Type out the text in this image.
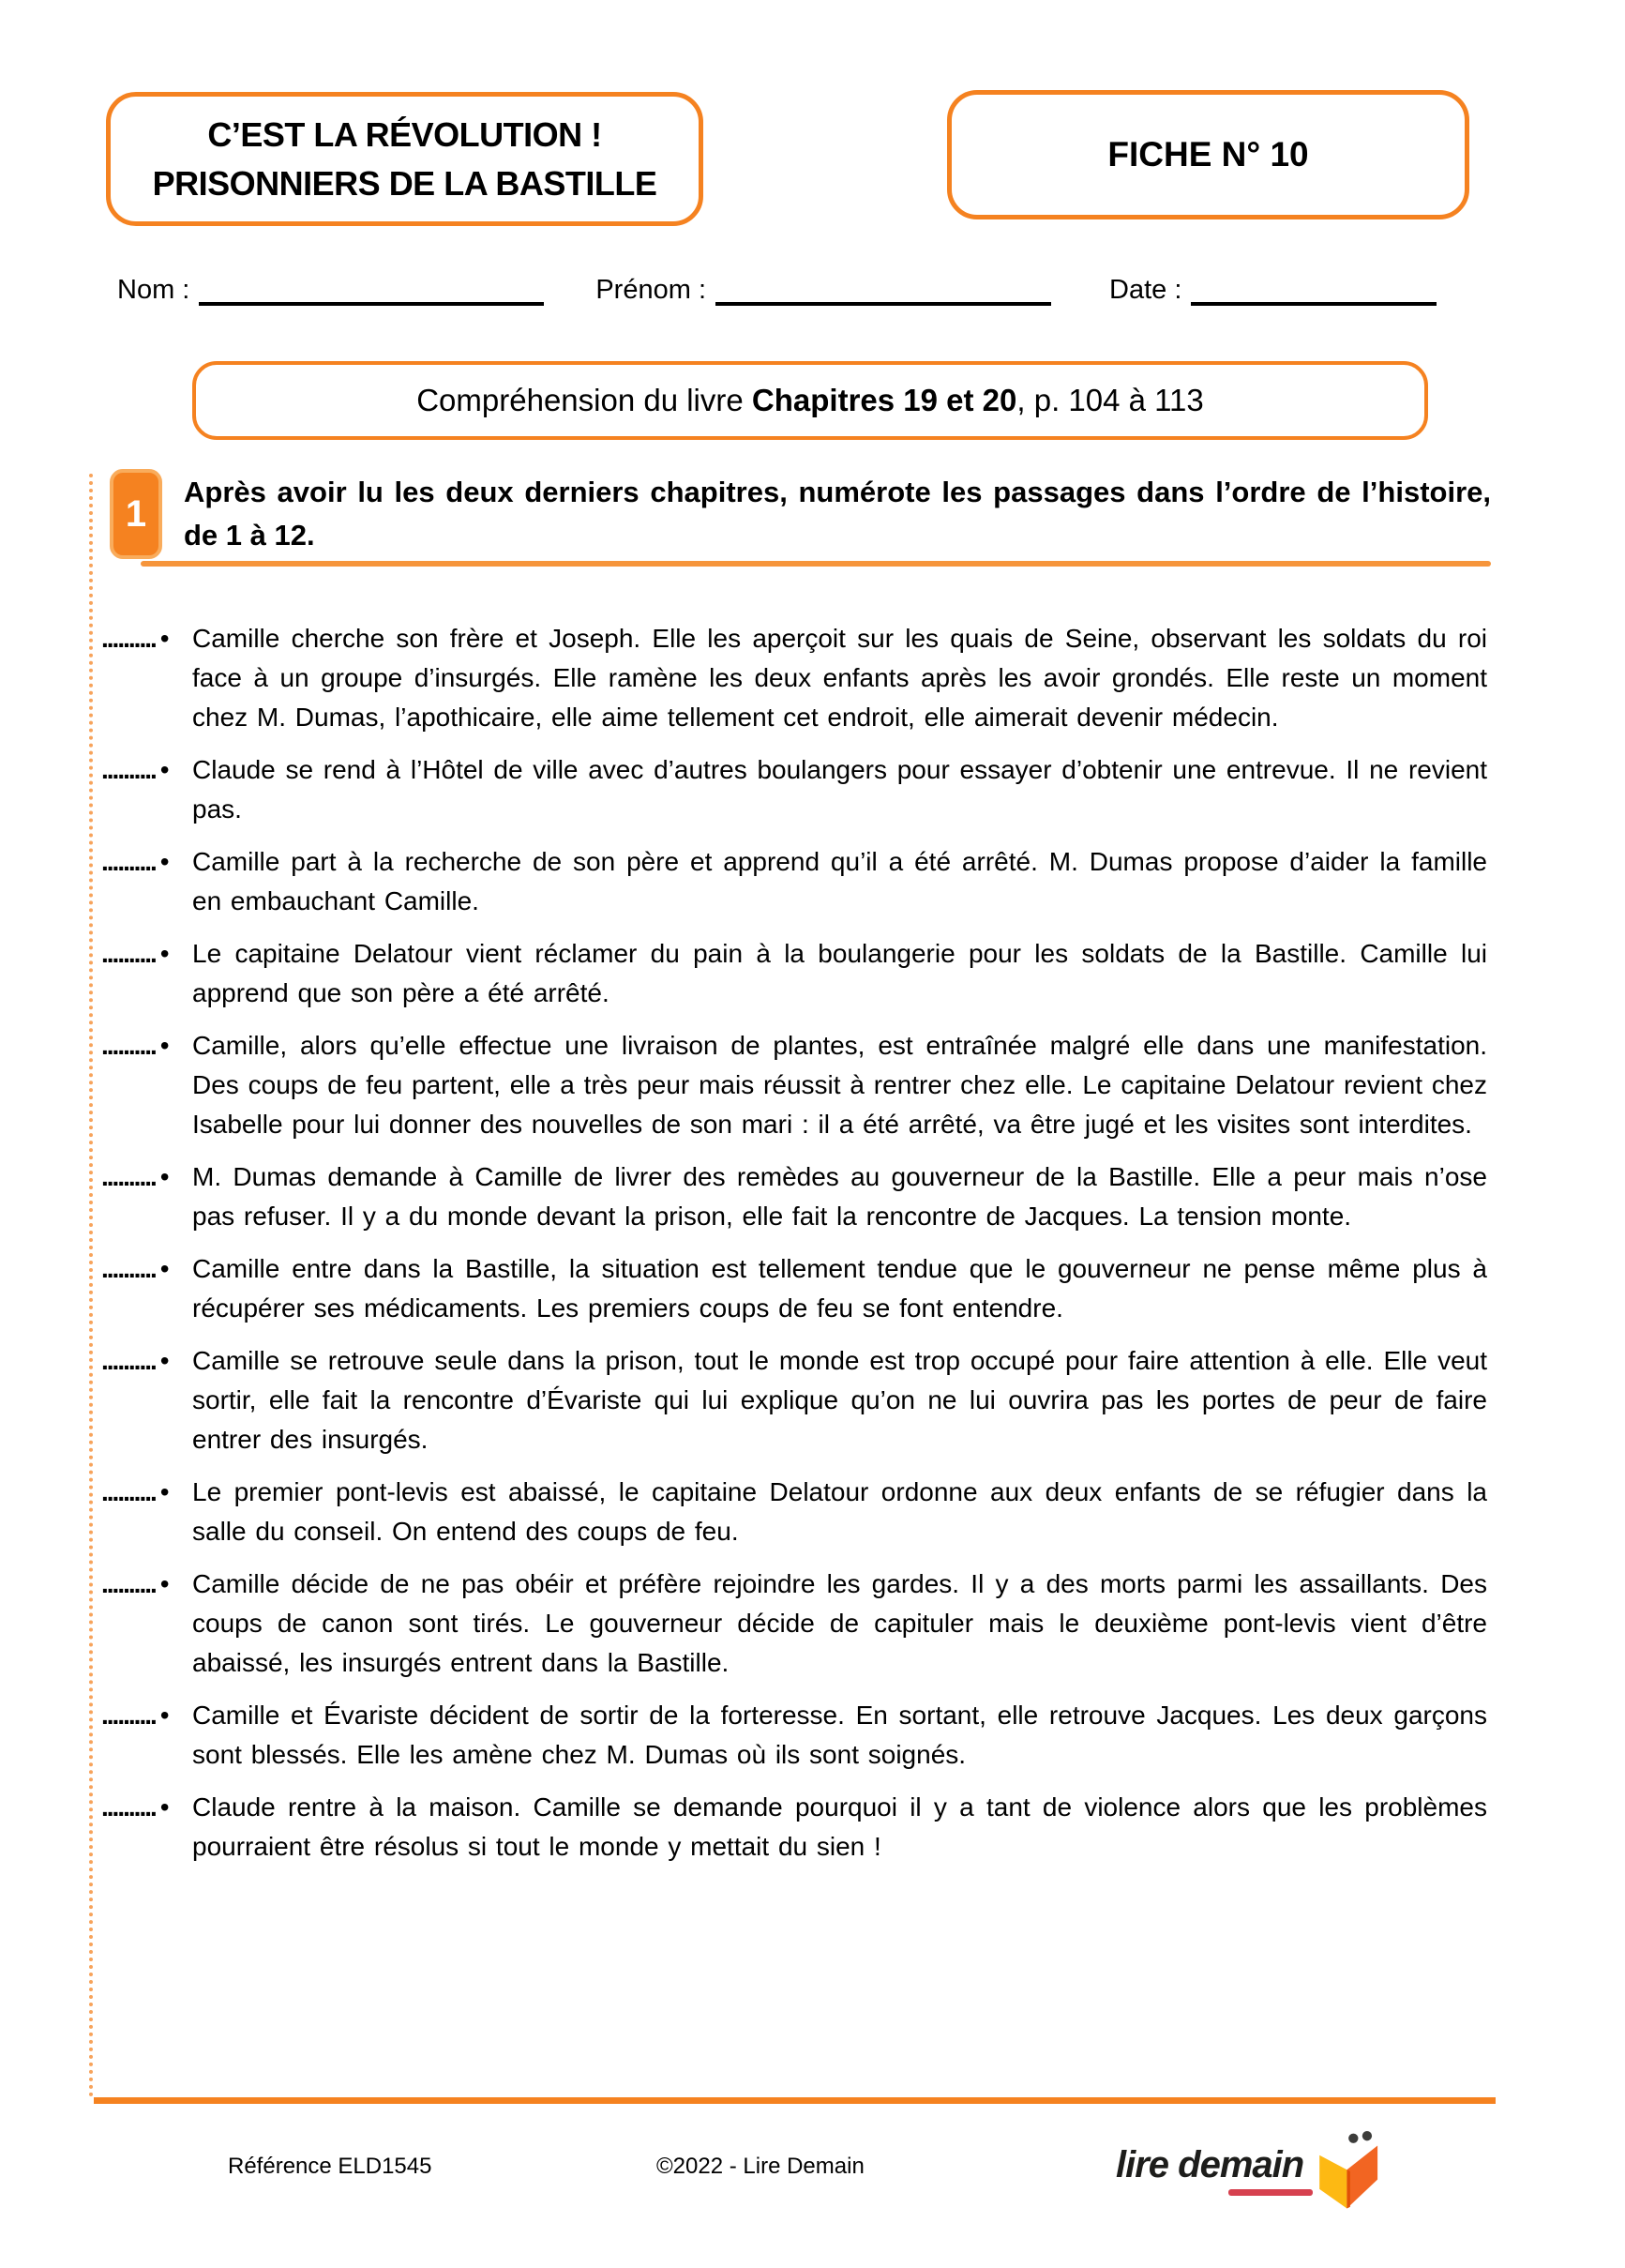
C’EST LA RÉVOLUTION !
PRISONNIERS DE LA BASTILLE
FICHE N° 10
Nom :	Prénom :	Date :
Compréhension du livre Chapitres 19 et 20, p. 104 à 113
1
Après avoir lu les deux derniers chapitres, numérote les passages dans l’ordre de l’histoire, de 1 à 12.
.......... • Camille cherche son frère et Joseph. Elle les aperçoit sur les quais de Seine, observant les soldats du roi face à un groupe d’insurgés. Elle ramène les deux enfants après les avoir grondés. Elle reste un moment chez M. Dumas, l’apothicaire, elle aime tellement cet endroit, elle aimerait devenir médecin.
.......... • Claude se rend à l’Hôtel de ville avec d’autres boulangers pour essayer d’obtenir une entrevue. Il ne revient pas.
.......... • Camille part à la recherche de son père et apprend qu’il a été arrêté. M. Dumas propose d’aider la famille en embauchant Camille.
.......... • Le capitaine Delatour vient réclamer du pain à la boulangerie pour les soldats de la Bastille. Camille lui apprend que son père a été arrêté.
.......... • Camille, alors qu’elle effectue une livraison de plantes, est entraînée malgré elle dans une manifestation. Des coups de feu partent, elle a très peur mais réussit à rentrer chez elle. Le capitaine Delatour revient chez Isabelle pour lui donner des nouvelles de son mari : il a été arrêté, va être jugé et les visites sont interdites.
.......... • M. Dumas demande à Camille de livrer des remèdes au gouverneur de la Bastille. Elle a peur mais n’ose pas refuser. Il y a du monde devant la prison, elle fait la rencontre de Jacques. La tension monte.
.......... • Camille entre dans la Bastille, la situation est tellement tendue que le gouverneur ne pense même plus à récupérer ses médicaments. Les premiers coups de feu se font entendre.
.......... • Camille se retrouve seule dans la prison, tout le monde est trop occupé pour faire attention à elle. Elle veut sortir, elle fait la rencontre d’Évariste qui lui explique qu’on ne lui ouvrira pas les portes de peur de faire entrer des insurgés.
.......... • Le premier pont-levis est abaissé, le capitaine Delatour ordonne aux deux enfants de se réfugier dans la salle du conseil. On entend des coups de feu.
.......... • Camille décide de ne pas obéir et préfère rejoindre les gardes. Il y a des morts parmi les assaillants. Des coups de canon sont tirés. Le gouverneur décide de capituler mais le deuxième pont-levis vient d’être abaissé, les insurgés entrent dans la Bastille.
.......... • Camille et Évariste décident de sortir de la forteresse. En sortant, elle retrouve Jacques. Les deux garçons sont blessés. Elle les amène chez M. Dumas où ils sont soignés.
.......... • Claude rentre à la maison. Camille se demande pourquoi il y a tant de violence alors que les problèmes pourraient être résolus si tout le monde y mettait du sien !
Référence ELD1545	©2022 - Lire Demain	lire demain
